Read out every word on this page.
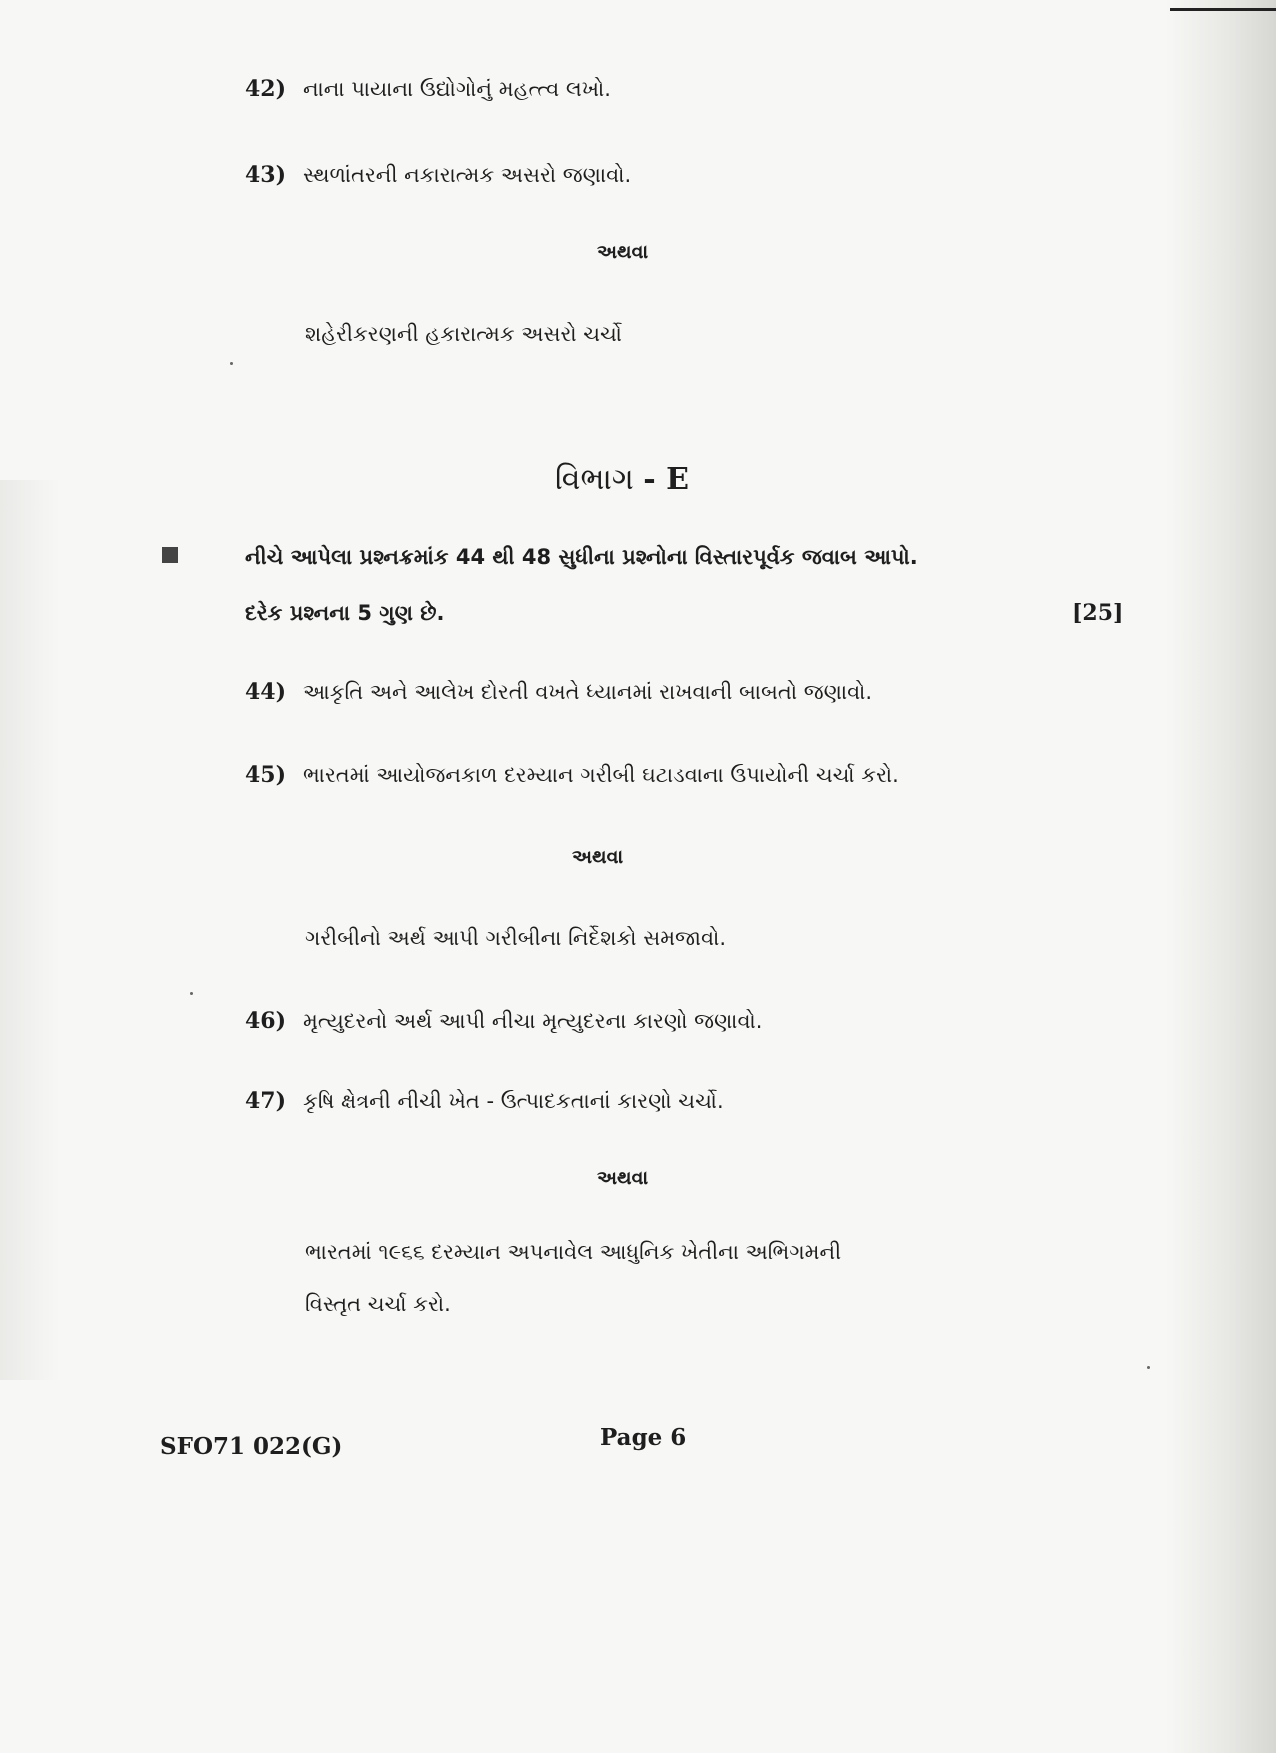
42) નાના પાયાના ઉદ્યોગોનું મહત્ત્વ લખો.
43) સ્થળાંતરની નકારાત્મક અસરો જણાવો.
અથવા
શહેરીકરણની હકારાત્મક અસરો ચર્ચો
વિભાગ - E
નીચે આપેલા પ્રશ્નક્રમાંક 44 થી 48 સુધીના પ્રશ્નોના વિસ્તારપૂર્વક જવાબ આપો.
દરેક પ્રશ્નના 5 ગુણ છે.	[25]
44) આકૃતિ અને આલેખ દોરતી વખતે ધ્યાનમાં રાખવાની બાબતો જણાવો.
45) ભારતમાં આયોજનકાળ દરમ્યાન ગરીબી ઘટાડવાના ઉપાયોની ચર્ચા કરો.
અથવા
ગરીબીનો અર્થ આપી ગરીબીના નિર્દેશકો સમજાવો.
46) મૃત્યુદરનો અર્થ આપી નીચા મૃત્યુદરના કારણો જણાવો.
47) કૃષિ ક્ષેત્રની નીચી ખેત - ઉત્પાદકતાનાં કારણો ચર્ચો.
અથવા
ભારતમાં ૧૯૬૬ દરમ્યાન અપનાવેલ આધુનિક ખેતીના અભિગમની
વિસ્તૃત ચર્ચા કરો.
SFO71 022(G)	Page 6
